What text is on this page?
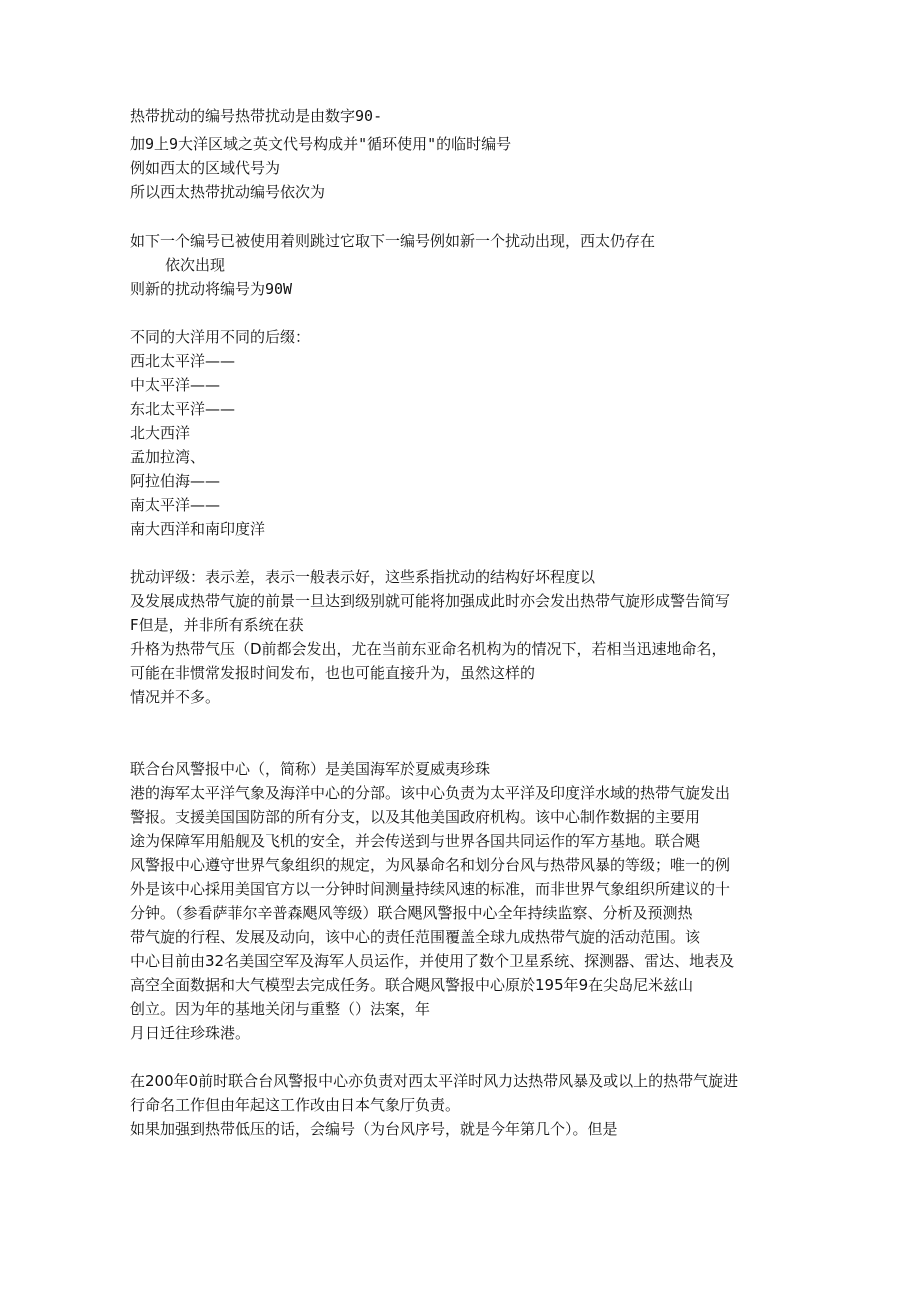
热带扰动的编号热带扰动是由数字90-
加9上9大洋区域之英文代号构成并"循环使用"的临时编号
例如西太的区域代号为
所以西太热带扰动编号依次为
如下一个编号已被使用着则跳过它取下一编号例如新一个扰动出现，西太仍存在
依次出现
则新的扰动将编号为90W
不同的大洋用不同的后缀：
西北太平洋——
中太平洋——
东北太平洋——
北大西洋
孟加拉湾、
阿拉伯海——
南太平洋——
南大西洋和南印度洋
扰动评级：表示差，表示一般表示好，这些系指扰动的结构好坏程度以
及发展成热带气旋的前景一旦达到级别就可能将加强成此时亦会发出热带气旋形成警告简写
F但是，并非所有系统在获
升格为热带气压（D前都会发出，尤在当前东亚命名机构为的情况下，若相当迅速地命名，
可能在非惯常发报时间发布，也也可能直接升为，虽然这样的
情况并不多。
联合台风警报中心（，简称）是美国海军於夏威夷珍珠
港的海军太平洋气象及海洋中心的分部。该中心负责为太平洋及印度洋水域的热带气旋发出
警报。支援美国国防部的所有分支，以及其他美国政府机构。该中心制作数据的主要用
途为保障军用船舰及飞机的安全，并会传送到与世界各国共同运作的军方基地。联合飓
风警报中心遵守世界气象组织的规定，为风暴命名和划分台风与热带风暴的等级；唯一的例
外是该中心採用美国官方以一分钟时间测量持续风速的标准，而非世界气象组织所建议的十
分钟。（参看萨菲尔辛普森飓风等级）联合飓风警报中心全年持续监察、分析及预测热
带气旋的行程、发展及动向，该中心的责任范围覆盖全球九成热带气旋的活动范围。该
中心目前由32名美国空军及海军人员运作，并使用了数个卫星系统、探测器、雷达、地表及
高空全面数据和大气模型去完成任务。联合飓风警报中心原於195年9在尖岛尼米兹山
创立。因为年的基地关闭与重整（）法案，年
月日迁往珍珠港。
在200年0前时联合台风警报中心亦负责对西太平洋时风力达热带风暴及或以上的热带气旋进
行命名工作但由年起这工作改由日本气象厅负责。
如果加强到热带低压的话，会编号（为台风序号，就是今年第几个）。但是
